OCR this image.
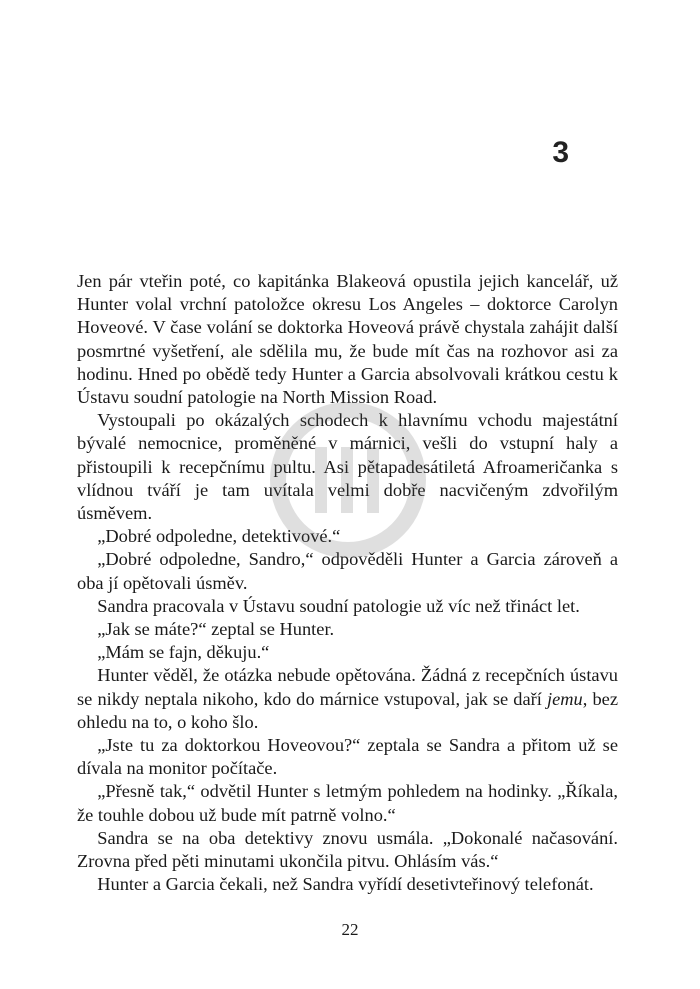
3

Jen pár vteřin poté, co kapitánka Blakeová opustila jejich kancelář, už Hunter volal vrchní patoložce okresu Los Angeles – doktorce Carolyn Hoveové. V čase volání se doktorka Hoveová právě chystala zahájit další posmrtné vyšetření, ale sdělila mu, že bude mít čas na rozhovor asi za hodinu. Hned po obědě tedy Hunter a Garcia absolvovali krátkou cestu k Ústavu soudní patologie na North Mission Road.

Vystoupali po okázalých schodech k hlavnímu vchodu majestátní bývalé nemocnice, proměněné v márnici, vešli do vstupní haly a přistoupili k recepčnímu pultu. Asi pětapadesátiletá Afroameričanka s vlídnou tváří je tam uvítala velmi dobře nacvičeným zdvořilým úsměvem.

„Dobré odpoledne, detektivové.“

„Dobré odpoledne, Sandro,“ odpověděli Hunter a Garcia zároveň a oba jí opětovali úsměv.

Sandra pracovala v Ústavu soudní patologie už víc než třináct let.

„Jak se máte?“ zeptal se Hunter.

„Mám se fajn, děkuju.“

Hunter věděl, že otázka nebude opětována. Žádná z recepčních ústavu se nikdy neptala nikoho, kdo do márnice vstupoval, jak se daří jemu, bez ohledu na to, o koho šlo.

„Jste tu za doktorkou Hoveovou?“ zeptala se Sandra a přitom už se dívala na monitor počítače.

„Přesně tak,“ odvětil Hunter s letmým pohledem na hodinky. „Říkala, že touhle dobou už bude mít patrně volno.“

Sandra se na oba detektivy znovu usmála. „Dokonalé načasování. Zrovna před pěti minutami ukončila pitvu. Ohlásím vás.“

Hunter a Garcia čekali, než Sandra vyřídí desetivteřinový telefonát.

22
